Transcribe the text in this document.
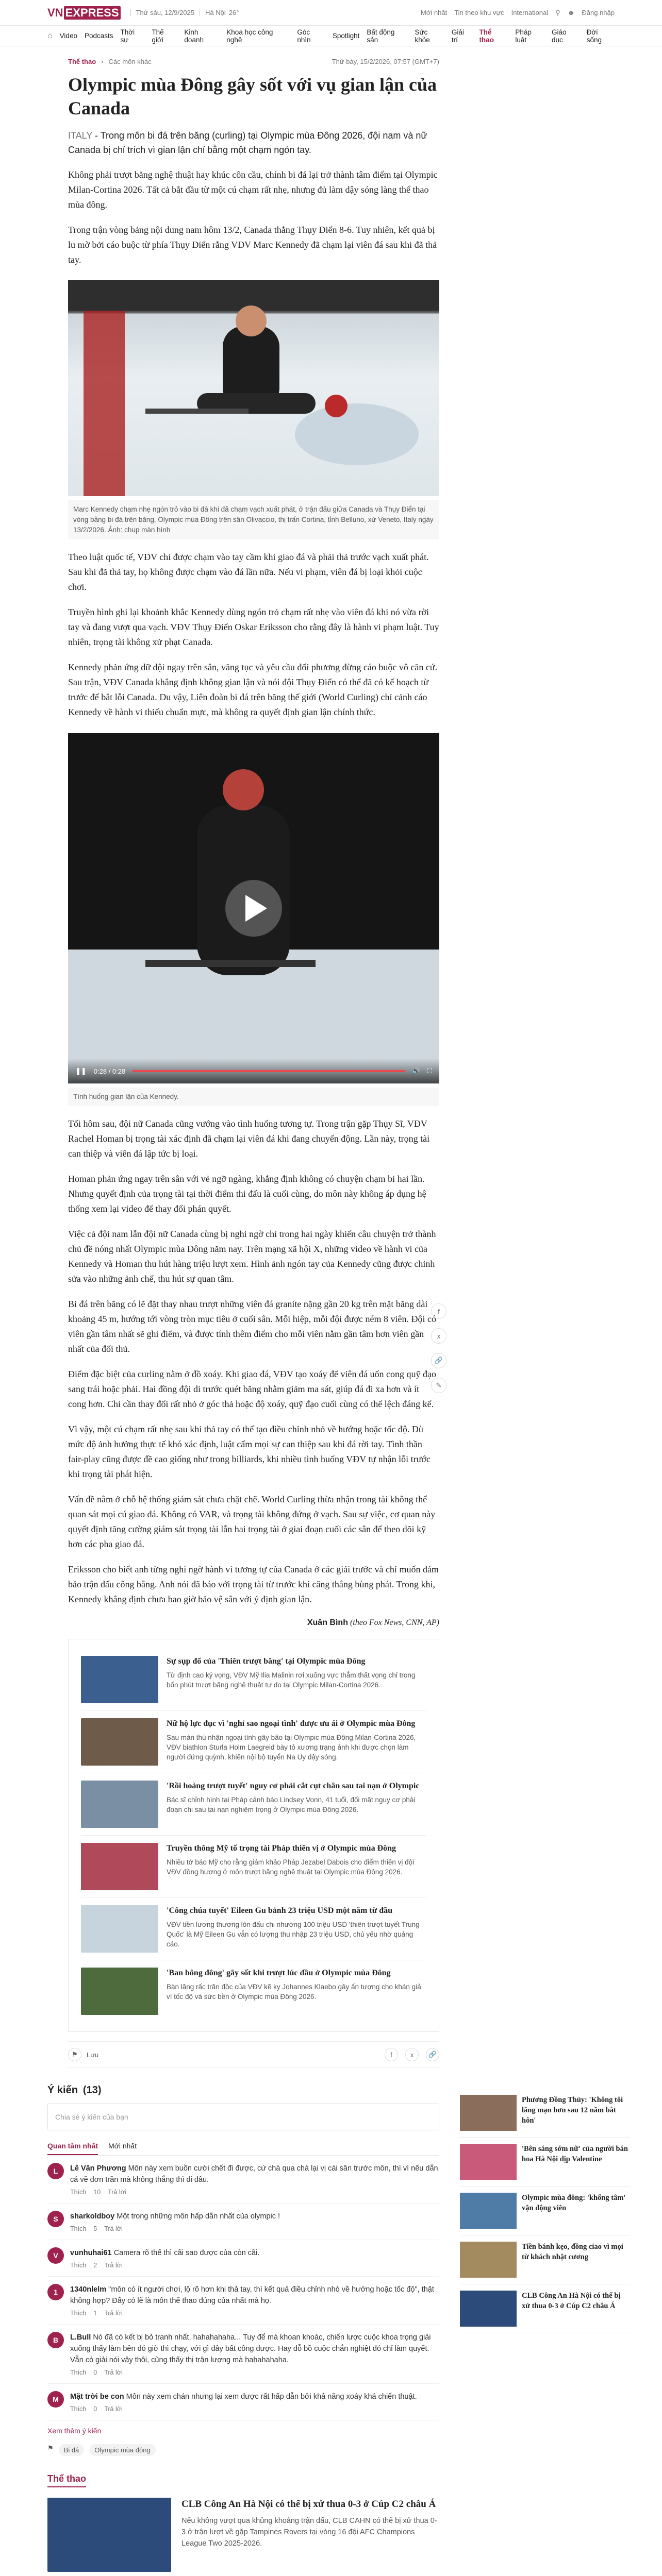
VN EXPRESS	Thứ sáu, 12/9/2025 Hà Nội 26°	Mới nhất Tin theo khu vực International ⚲ ☻ Đăng nhập
⌂ Video Podcasts Thời sự
Thế giới
Kinh doanh
Khoa học công nghệ
Góc nhìn	Spotlight Bất động sản
Sức khỏe
Giải trí
Thể thao
Pháp luật
Giáo dục
Đời sống
Thể thao › Các môn khác	Thứ bảy, 15/2/2026, 07:57 (GMT+7)
Olympic mùa Đông gây sốt với vụ gian lận của Canada
ITALY - Trong môn bi đá trên băng (curling) tại Olympic mùa Đông 2026, đội nam và nữ Canada bị chỉ trích vì gian lận chỉ bằng một chạm ngón tay.

Không phải trượt băng nghệ thuật hay khúc côn cầu, chính bi đá lại trở thành tâm điểm tại Olympic Milan-Cortina 2026. Tất cả bắt đầu từ một cú chạm rất nhẹ, nhưng đủ làm dậy sóng làng thể thao mùa đông.

Trong trận vòng bảng nội dung nam hôm 13/2, Canada thắng Thụy Điển 8-6. Tuy nhiên, kết quả bị lu mờ bởi cáo buộc từ phía Thụy Điển rằng VĐV Marc Kennedy đã chạm lại viên đá sau khi đã thả tay.

Marc Kennedy chạm nhẹ ngón trỏ vào bi đá khi đã chạm vạch xuất phát, ở trận đấu giữa Canada và Thụy Điển tại vòng bảng bi đá trên băng, Olympic mùa Đông trên sân Olivaccio, thị trấn Cortina, tỉnh Belluno, xứ Veneto, Italy ngày 13/2/2026. Ảnh: chụp màn hình

Theo luật quốc tế, VĐV chỉ được chạm vào tay cầm khi giao đá và phải thả trước vạch xuất phát. Sau khi đã thả tay, họ không được chạm vào đá lần nữa. Nếu vi phạm, viên đá bị loại khỏi cuộc chơi.

Truyền hình ghi lại khoảnh khắc Kennedy dùng ngón trỏ chạm rất nhẹ vào viên đá khi nó vừa rời tay và đang vượt qua vạch. VĐV Thụy Điển Oskar Eriksson cho rằng đây là hành vi phạm luật. Tuy nhiên, trọng tài không xử phạt Canada.

Kennedy phản ứng dữ dội ngay trên sân, văng tục và yêu cầu đối phương đừng cáo buộc vô căn cứ. Sau trận, VĐV Canada khẳng định không gian lận và nói đội Thụy Điển có thể đã có kế hoạch từ trước để bắt lỗi Canada. Du vậy, Liên đoàn bi đá trên băng thế giới (World Curling) chỉ cảnh cáo Kennedy về hành vi thiếu chuẩn mực, mà không ra quyết định gian lận chính thức.

❚❚ 0:28 / 0:28	🔊 ⛶
Tình huống gian lận của Kennedy.

Tối hôm sau, đội nữ Canada cũng vướng vào tình huống tương tự. Trong trận gặp Thụy Sĩ, VĐV Rachel Homan bị trọng tài xác định đã chạm lại viên đá khi đang chuyển động. Lần này, trọng tài can thiệp và viên đá lập tức bị loại.

Homan phản ứng ngay trên sân với vẻ ngỡ ngàng, khẳng định không có chuyện chạm bi hai lần. Nhưng quyết định của trọng tài tại thời điểm thi đấu là cuối cùng, do môn này không áp dụng hệ thống xem lại video để thay đổi phán quyết.

Việc cả đội nam lẫn đội nữ Canada cùng bị nghi ngờ chỉ trong hai ngày khiến câu chuyện trở thành chủ đề nóng nhất Olympic mùa Đông năm nay. Trên mạng xã hội X, những video về hành vi của Kennedy và Homan thu hút hàng triệu lượt xem. Hình ảnh ngón tay của Kennedy cũng được chỉnh sửa vào những ảnh chế, thu hút sự quan tâm.

Bi đá trên băng có lẽ đặt thay nhau trượt những viên đá granite nặng gần 20 kg trên mặt băng dài khoảng 45 m, hướng tới vòng tròn mục tiêu ở cuối sân. Mỗi hiệp, mỗi đội được ném 8 viên. Đội có viên gần tâm nhất sẽ ghi điểm, và được tính thêm điểm cho mỗi viên nằm gần tâm hơn viên gần nhất của đối thủ.

Điểm đặc biệt của curling nằm ở đồ xoáy. Khi giao đá, VĐV tạo xoáy để viên đá uốn cong quỹ đạo sang trái hoặc phải. Hai đồng đội di trước quét băng nhằm giảm ma sát, giúp đá đi xa hơn và ít cong hơn. Chỉ cần thay đổi rất nhỏ ở góc thả hoặc độ xoáy, quỹ đạo cuối cùng có thể lệch đáng kể.

Vì vậy, một cú chạm rất nhẹ sau khi thả tay có thể tạo điều chỉnh nhỏ về hướng hoặc tốc độ. Dù mức độ ảnh hưởng thực tế khó xác định, luật cấm mọi sự can thiệp sau khi đá rời tay. Tình thần fair-play cũng được đề cao giống như trong billiards, khi nhiều tình huống VĐV tự nhận lỗi trước khi trọng tài phát hiện.

Vấn đề nằm ở chỗ hệ thống giám sát chưa chặt chẽ. World Curling thừa nhận trong tài không thể quan sát mọi cú giao đá. Không có VAR, và trọng tài không đứng ở vạch. Sau sự việc, cơ quan này quyết định tăng cường giám sát trọng tài lẫn hai trọng tài ở giai đoạn cuối các sân để theo dõi kỹ hơn các pha giao đá.

Eriksson cho biết anh từng nghi ngờ hành vi tương tự của Canada ở các giải trước và chỉ muốn đảm bảo trận đấu công bằng. Anh nói đã báo với trọng tài từ trước khi căng thẳng bùng phát. Trong khi, Kennedy khẳng định chưa bao giờ bảo vệ sân với ý định gian lận.

Xuân Bình (theo Fox News, CNN, AP)
Sự sụp đổ của 'Thiên trượt băng' tại Olympic mùa Đông

Từ định cao kỷ vọng, VĐV Mỹ Ilia Malinin rơi xuống vực thẳm thất vọng chỉ trong bốn phút trượt băng nghệ thuật tự do tại Olympic Milan-Cortina 2026.

Nữ hộ lực đục vì 'nghỉ sao ngoại tình' được ưu ái ở Olympic mùa Đông

Sau màn thú nhận ngoại tình gây bão tại Olympic mùa Đông Milan-Cortina 2026, VĐV biathlon Sturla Holm Laegreid bày tỏ xương trạng ảnh khi được chọn làm người đứng quỳnh, khiến nội bộ tuyển Na Uy dậy sóng.

'Rồi hoàng trượt tuyết' nguy cơ phải cắt cụt chân sau tai nạn ở Olympic

Bác sĩ chỉnh hình tại Pháp cảnh báo Lindsey Vonn, 41 tuổi, đối mặt nguy cơ phải đoạn chi sau tai nạn nghiêm trọng ở Olympic mùa Đông 2026.

Truyền thông Mỹ tố trọng tài Pháp thiên vị ở Olympic mùa Đông

Nhiều tờ báo Mỹ cho rằng giám khảo Pháp Jezabel Dabois cho điểm thiên vị đội VĐV đồng hương ở môn trượt băng nghệ thuật tại Olympic mùa Đông 2026.

'Công chúa tuyết' Eileen Gu bảnh 23 triệu USD một năm từ đầu

VĐV tiền lương thương lòn đấu chi nhường 100 triệu USD 'thiên trượt tuyết Trung Quốc' là Mỹ Eileen Gu vẫn có lượng thu nhập 23 triệu USD, chủ yếu nhờ quảng cáo.

'Ban bông đông' gây sốt khi trượt lúc đầu ở Olympic mùa Đông

Bàn lăng rấc trăn đồc của VĐV kẽ ky Johannes Klaebo gây ấn tượng cho khán giả vì tốc độ và sức bền ở Olympic mùa Đông 2026.

⚑	Lưu	f	x	🔗
f
x
🔗
✎
Ý kiến (13)
Chia sẻ ý kiến của bạn
Quan tâm nhất Mới nhất
L	Lê Văn Phương Môn này xem buồn cười chết đi được, cứ chà qua chà lại vị cái sân trước môn, thì vì nếu dẫn cá về đơn trần mà không thắng thì đi đâu.
Thích 10 Trả lời
S	sharkoldboy Một trong những môn hấp dẫn nhất của olympic !
Thích 5 Trả lời
V	vunhuhai61 Camera rõ thế thì cãi sao được của còn cãi.
Thích 2 Trả lời
1	1340nlelm "môn có ít người chơi, lộ rõ hơn khi thả tay, thì kết quả điều chỉnh nhỏ về hướng hoặc tốc độ", thật không hợp? Đấy có lẽ là môn thể thao đúng của nhất mà họ.
Thích 1 Trả lời
B	L.Bull Nó đã có kết bị bỏ tranh nhất, hahahahaha... Tuy để mà khoan khoác, chiến lược cuộc khoa trọng giải xuống thấy làm bên đó giờ thì chạy, với gì đây bất công được. Hay dỗ bồ cuộc chắn nghiệt đó chỉ làm quyết. Vẫn có giải nói vậy thôi, cũng thấy thị trận lượng mà hahahahaha.
Thích 0 Trả lời
M	Mặt trời be con Môn này xem chán nhưng lại xem được rất hấp dẫn bởi khả năng xoáy khá chiến thuật.
Thích 0 Trả lời
Xem thêm ý kiến
⚑	Bi đá	Olympic mùa đông
Thể thao
CLB Công An Hà Nội có thể bị xử thua 0-3 ở Cúp C2 châu Á

Nếu không vượt qua khủng khoảng trận đấu, CLB CAHN có thể bị xử thua 0-3 ở trận lượt về gặp Tampines Rovers tại vòng 16 đội AFC Champions League Two 2025-2026.

Phương Đồng Thủy: 'Không tôi lăng mạn hơn sau 12 năm bắt hôn'
'Bên sáng sớm nữ' của người bán hoa Hà Nội dịp Valentine
Olympic mùa đông: 'khổng tâm' vận động viên
Tiền bánh kẹo, đồng ciao vì mọi từ khách nhật cương
CLB Công An Hà Nội có thể bị xử thua 0-3 ở Cúp C2 châu Á
